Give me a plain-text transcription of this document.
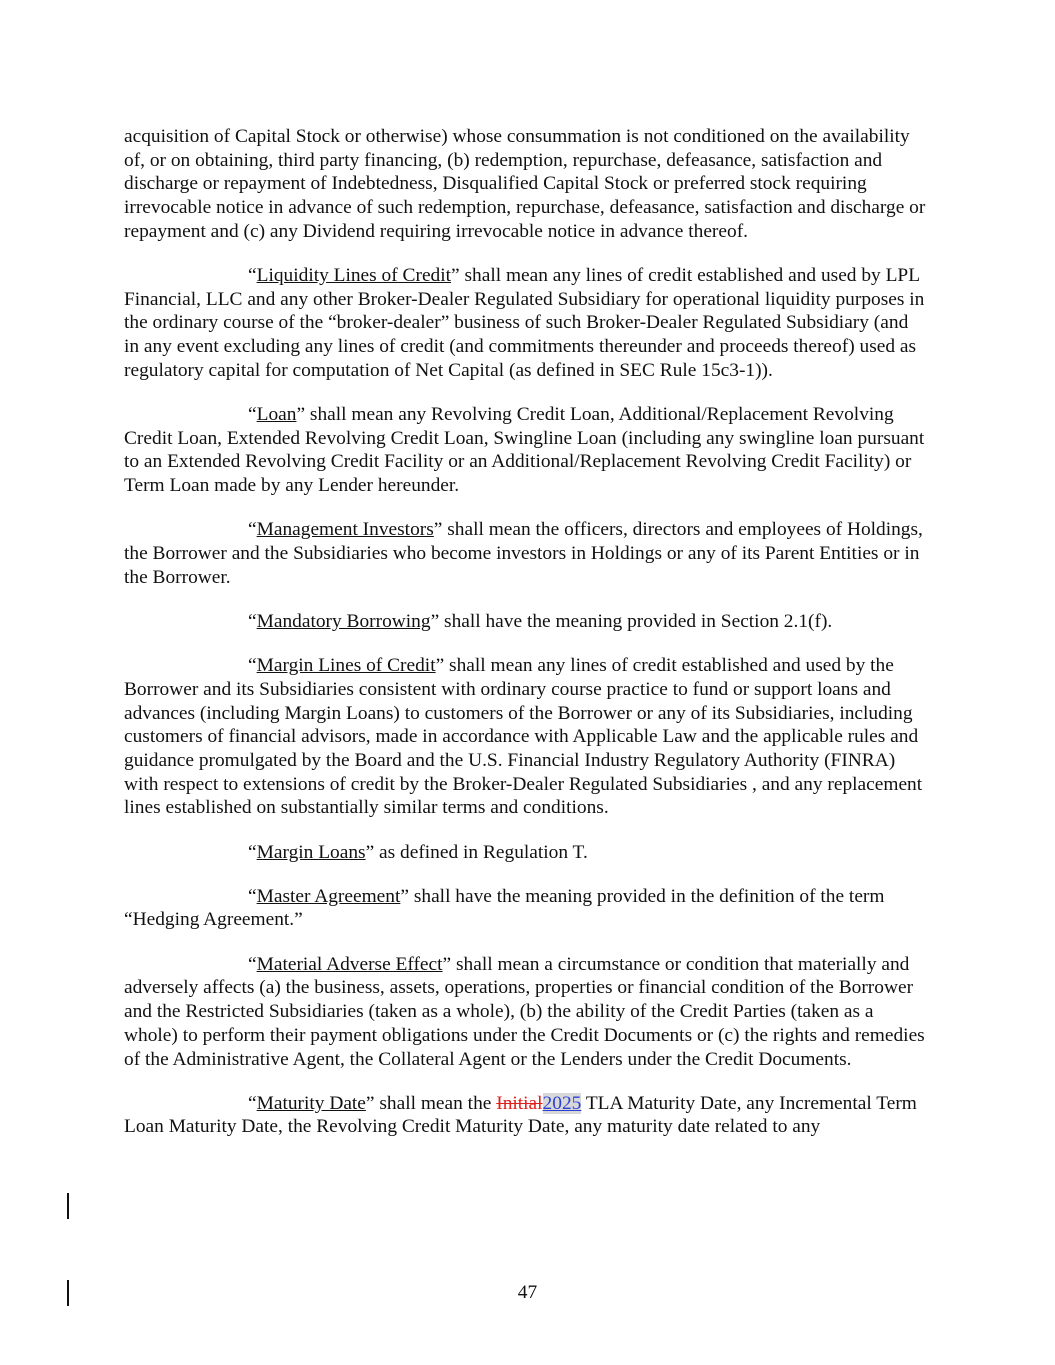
acquisition of Capital Stock or otherwise) whose consummation is not conditioned on the availability of, or on obtaining, third party financing, (b) redemption, repurchase, defeasance, satisfaction and discharge or repayment of Indebtedness, Disqualified Capital Stock or preferred stock requiring irrevocable notice in advance of such redemption, repurchase, defeasance, satisfaction and discharge or repayment and (c) any Dividend requiring irrevocable notice in advance thereof.

“Liquidity Lines of Credit” shall mean any lines of credit established and used by LPL Financial, LLC and any other Broker-Dealer Regulated Subsidiary for operational liquidity purposes in the ordinary course of the “broker-dealer” business of such Broker-Dealer Regulated Subsidiary (and in any event excluding any lines of credit (and commitments thereunder and proceeds thereof) used as regulatory capital for computation of Net Capital (as defined in SEC Rule 15c3-1)).

“Loan” shall mean any Revolving Credit Loan, Additional/Replacement Revolving Credit Loan, Extended Revolving Credit Loan, Swingline Loan (including any swingline loan pursuant to an Extended Revolving Credit Facility or an Additional/Replacement Revolving Credit Facility) or Term Loan made by any Lender hereunder.

“Management Investors” shall mean the officers, directors and employees of Holdings, the Borrower and the Subsidiaries who become investors in Holdings or any of its Parent Entities or in the Borrower.

“Mandatory Borrowing” shall have the meaning provided in Section 2.1(f).

“Margin Lines of Credit” shall mean any lines of credit established and used by the Borrower and its Subsidiaries consistent with ordinary course practice to fund or support loans and advances (including Margin Loans) to customers of the Borrower or any of its Subsidiaries, including customers of financial advisors, made in accordance with Applicable Law and the applicable rules and guidance promulgated by the Board and the U.S. Financial Industry Regulatory Authority (FINRA) with respect to extensions of credit by the Broker-Dealer Regulated Subsidiaries , and any replacement lines established on substantially similar terms and conditions.

“Margin Loans” as defined in Regulation T.

“Master Agreement” shall have the meaning provided in the definition of the term “Hedging Agreement.”

“Material Adverse Effect” shall mean a circumstance or condition that materially and adversely affects (a) the business, assets, operations, properties or financial condition of the Borrower and the Restricted Subsidiaries (taken as a whole), (b) the ability of the Credit Parties (taken as a whole) to perform their payment obligations under the Credit Documents or (c) the rights and remedies of the Administrative Agent, the Collateral Agent or the Lenders under the Credit Documents.

“Maturity Date” shall mean the Initial2025 TLA Maturity Date, any Incremental Term Loan Maturity Date, the Revolving Credit Maturity Date, any maturity date related to any

47
